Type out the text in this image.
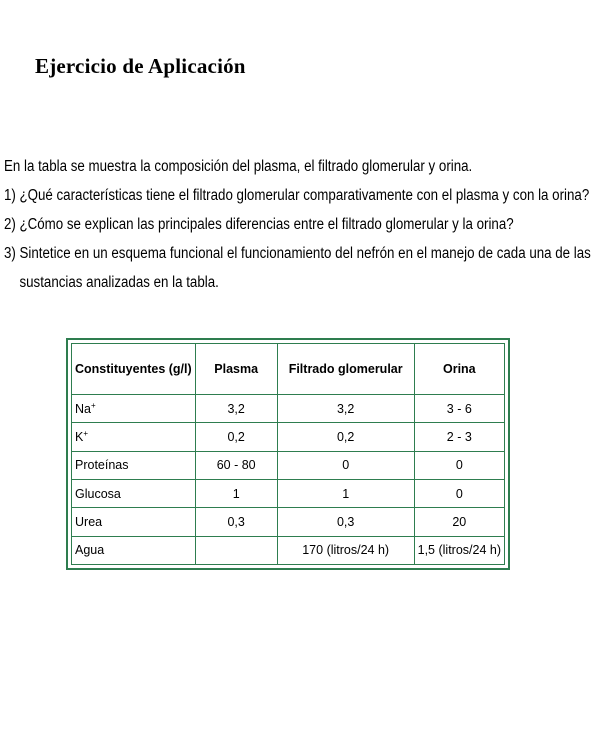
Ejercicio de Aplicación

En la tabla se muestra la composición del plasma, el filtrado glomerular y orina.

1) ¿Qué características tiene el filtrado glomerular comparativamente con el plasma y con la orina?

2) ¿Cómo se explican las principales diferencias entre el filtrado glomerular y la orina?

3) Sintetice en un esquema funcional el funcionamiento del nefrón en el manejo de cada una de las

sustancias analizadas en la tabla.

Constituyentes (g/l)	Plasma	Filtrado glomerular	Orina
Na+	3,2	3,2	3 - 6
K+	0,2	0,2	2 - 3
Proteínas	60 - 80	0	0
Glucosa	1	1	0
Urea	0,3	0,3	20
Agua		170 (litros/24 h)	1,5 (litros/24 h)
